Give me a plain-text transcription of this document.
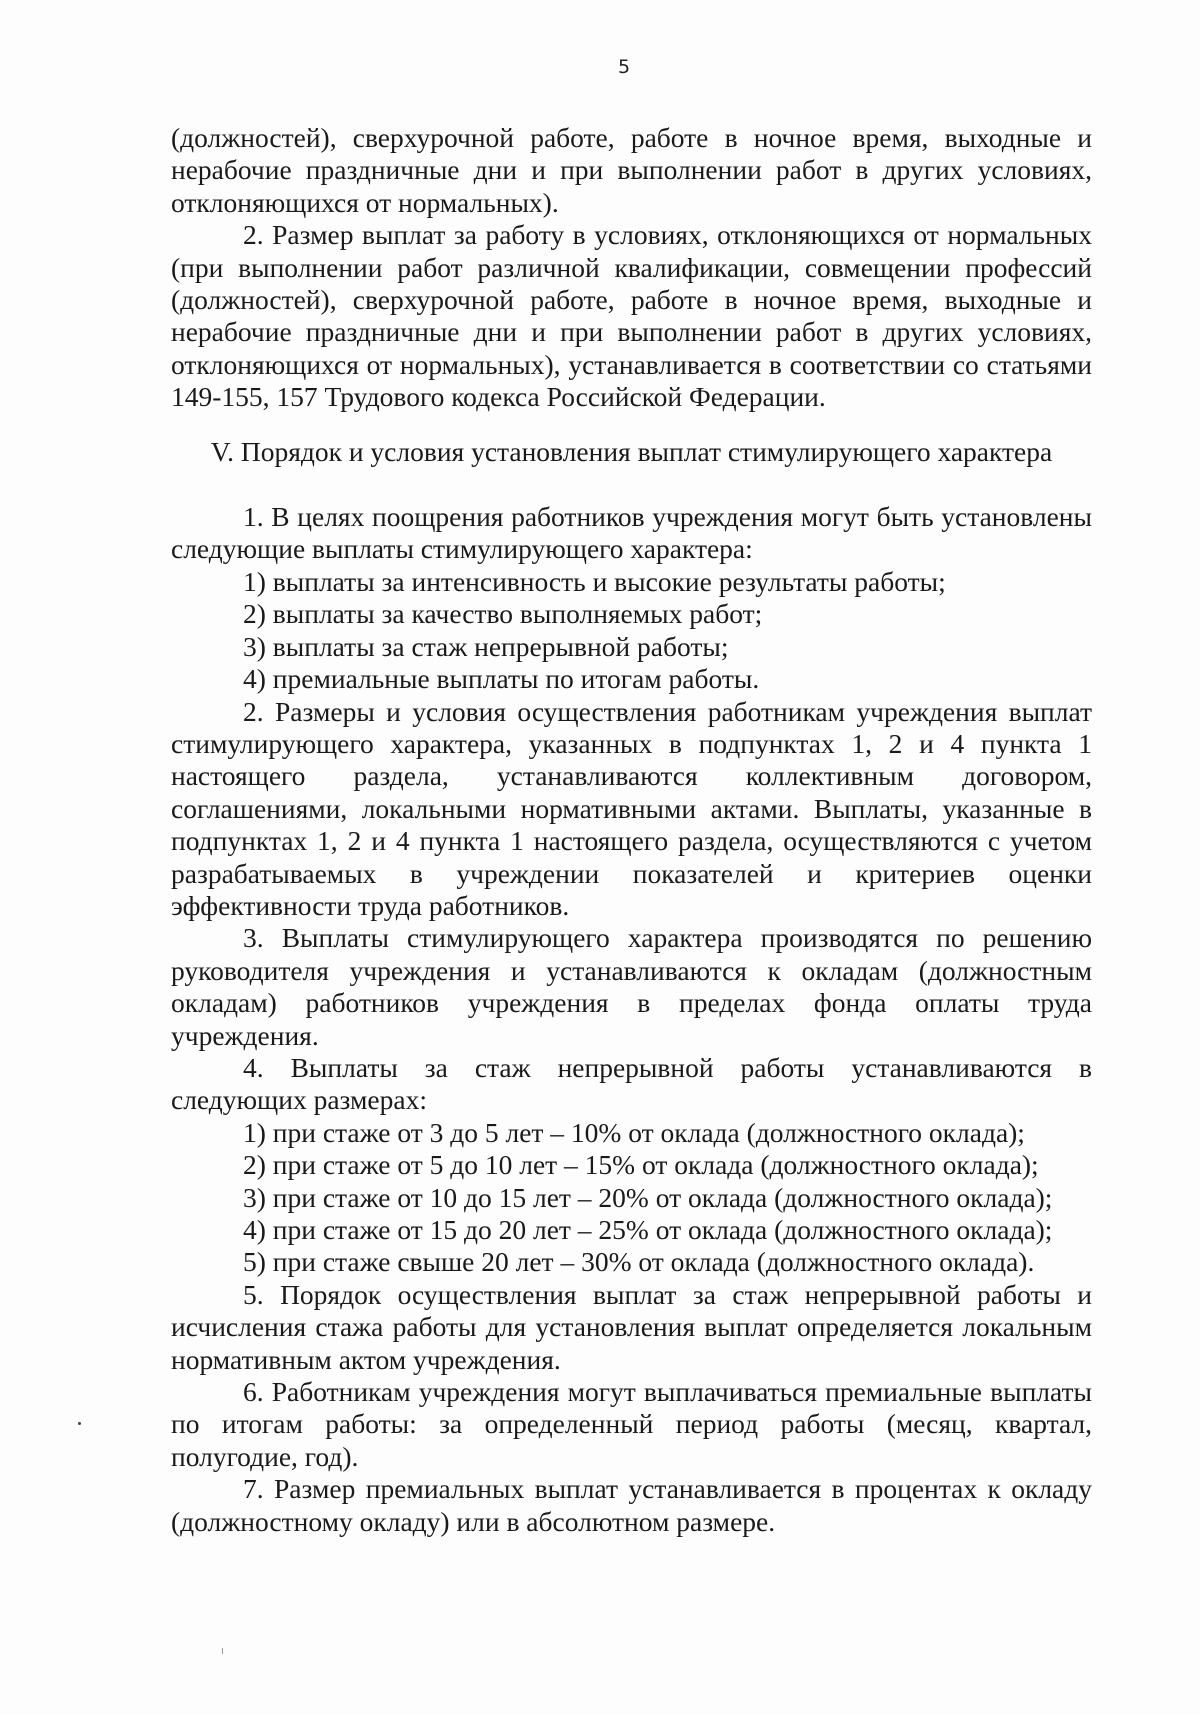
5

(должностей), сверхурочной работе, работе в ночное время, выходные и нерабочие праздничные дни и при выполнении работ в других условиях, отклоняющихся от нормальных).

2. Размер выплат за работу в условиях, отклоняющихся от нормальных (при выполнении работ различной квалификации, совмещении профессий (должностей), сверхурочной работе, работе в ночное время, выходные и нерабочие праздничные дни и при выполнении работ в других условиях, отклоняющихся от нормальных), устанавливается в соответствии со статьями 149-155, 157 Трудового кодекса Российской Федерации.

V. Порядок и условия установления выплат стимулирующего характера

1. В целях поощрения работников учреждения могут быть установлены следующие выплаты стимулирующего характера:

1) выплаты за интенсивность и высокие результаты работы;

2) выплаты за качество выполняемых работ;

3) выплаты за стаж непрерывной работы;

4) премиальные выплаты по итогам работы.

2. Размеры и условия осуществления работникам учреждения выплат стимулирующего характера, указанных в подпунктах 1, 2 и 4 пункта 1 настоящего раздела, устанавливаются коллективным договором, соглашениями, локальными нормативными актами. Выплаты, указанные в подпунктах 1, 2 и 4 пункта 1 настоящего раздела, осуществляются с учетом разрабатываемых в учреждении показателей и критериев оценки эффективности труда работников.

3. Выплаты стимулирующего характера производятся по решению руководителя учреждения и устанавливаются к окладам (должностным окладам) работников учреждения в пределах фонда оплаты труда учреждения.

4. Выплаты за стаж непрерывной работы устанавливаются в следующих размерах:

1) при стаже от 3 до 5 лет – 10% от оклада (должностного оклада);

2) при стаже от 5 до 10 лет – 15% от оклада (должностного оклада);

3) при стаже от 10 до 15 лет – 20% от оклада (должностного оклада);

4) при стаже от 15 до 20 лет – 25% от оклада (должностного оклада);

5) при стаже свыше 20 лет – 30% от оклада (должностного оклада).

5. Порядок осуществления выплат за стаж непрерывной работы и исчисления стажа работы для установления выплат определяется локальным нормативным актом учреждения.

6. Работникам учреждения могут выплачиваться премиальные выплаты по итогам работы: за определенный период работы (месяц, квартал, полугодие, год).

7. Размер премиальных выплат устанавливается в процентах к окладу (должностному окладу) или в абсолютном размере.
